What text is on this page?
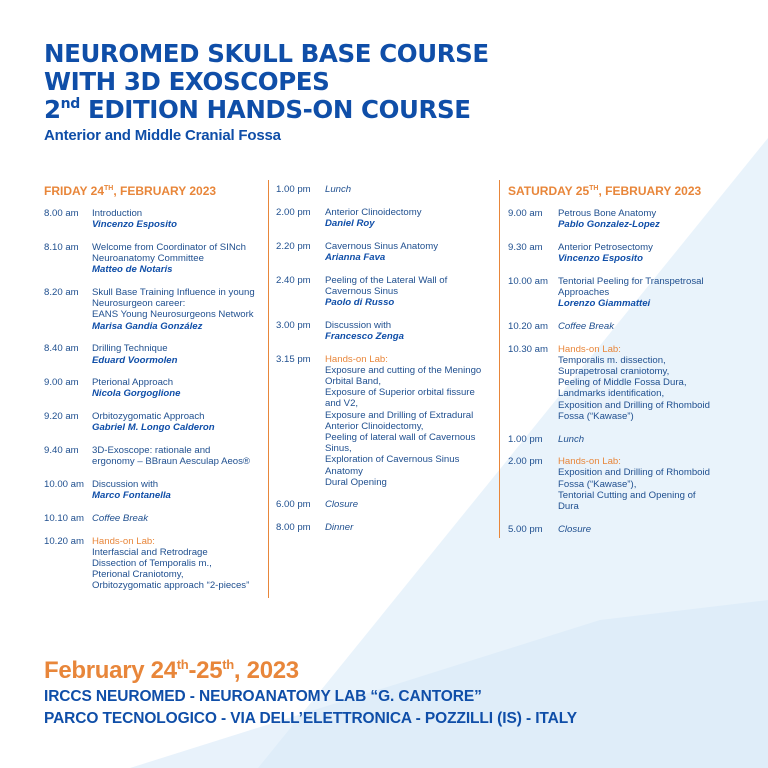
NEUROMED SKULL BASE COURSE
WITH 3D EXOSCOPES
2nd EDITION HANDS-ON COURSE
Anterior and Middle Cranial Fossa
FRIDAY 24TH, FEBRUARY 2023
8.00 am	Introduction
Vincenzo Esposito
8.10 am	Welcome from Coordinator of SINch
Neuroanatomy Committee
Matteo de Notaris
8.20 am	Skull Base Training Influence in young
Neurosurgeon career:
EANS Young Neurosurgeons Network
Marisa Gandia González
8.40 am	Drilling Technique
Eduard Voormolen
9.00 am	Pterional Approach
Nicola Gorgoglione
9.20 am	Orbitozygomatic Approach
Gabriel M. Longo Calderon
9.40 am	3D-Exoscope: rationale and
ergonomy – BBraun Aesculap Aeos®
10.00 am Discussion with
Marco Fontanella
10.10 am Coffee Break
10.20 am Hands-on Lab:
Interfascial and Retrodrage
Dissection of Temporalis m.,
Pterional Craniotomy,
Orbitozygomatic approach “2-pieces”
1.00 pm	Lunch
2.00 pm	Anterior Clinoidectomy
Daniel Roy
2.20 pm	Cavernous Sinus Anatomy
Arianna Fava
2.40 pm	Peeling of the Lateral Wall of
Cavernous Sinus
Paolo di Russo
3.00 pm	Discussion with
Francesco Zenga
3.15 pm	Hands-on Lab:
Exposure and cutting of the Meningo
Orbital Band,
Exposure of Superior orbital fissure
and V2,
Exposure and Drilling of Extradural
Anterior Clinoidectomy,
Peeling of lateral wall of Cavernous
Sinus,
Exploration of Cavernous Sinus
Anatomy
Dural Opening
6.00 pm	Closure
8.00 pm	Dinner
SATURDAY 25TH, FEBRUARY 2023
9.00 am	Petrous Bone Anatomy
Pablo Gonzalez-Lopez
9.30 am	Anterior Petrosectomy
Vincenzo Esposito
10.00 am	Tentorial Peeling for Transpetrosal
Approaches
Lorenzo Giammattei
10.20 am	Coffee Break
10.30 am	Hands-on Lab:
Temporalis m. dissection,
Suprapetrosal craniotomy,
Peeling of Middle Fossa Dura,
Landmarks identification,
Exposition and Drilling of Rhomboid
Fossa (“Kawase”)
1.00 pm	Lunch
2.00 pm	Hands-on Lab:
Exposition and Drilling of Rhomboid
Fossa (“Kawase”),
Tentorial Cutting and Opening of
Dura
5.00 pm	Closure
February 24th-25th, 2023
IRCCS NEUROMED - NEUROANATOMY LAB “G. CANTORE”
PARCO TECNOLOGICO - VIA DELL’ELETTRONICA - POZZILLI (IS) - ITALY
